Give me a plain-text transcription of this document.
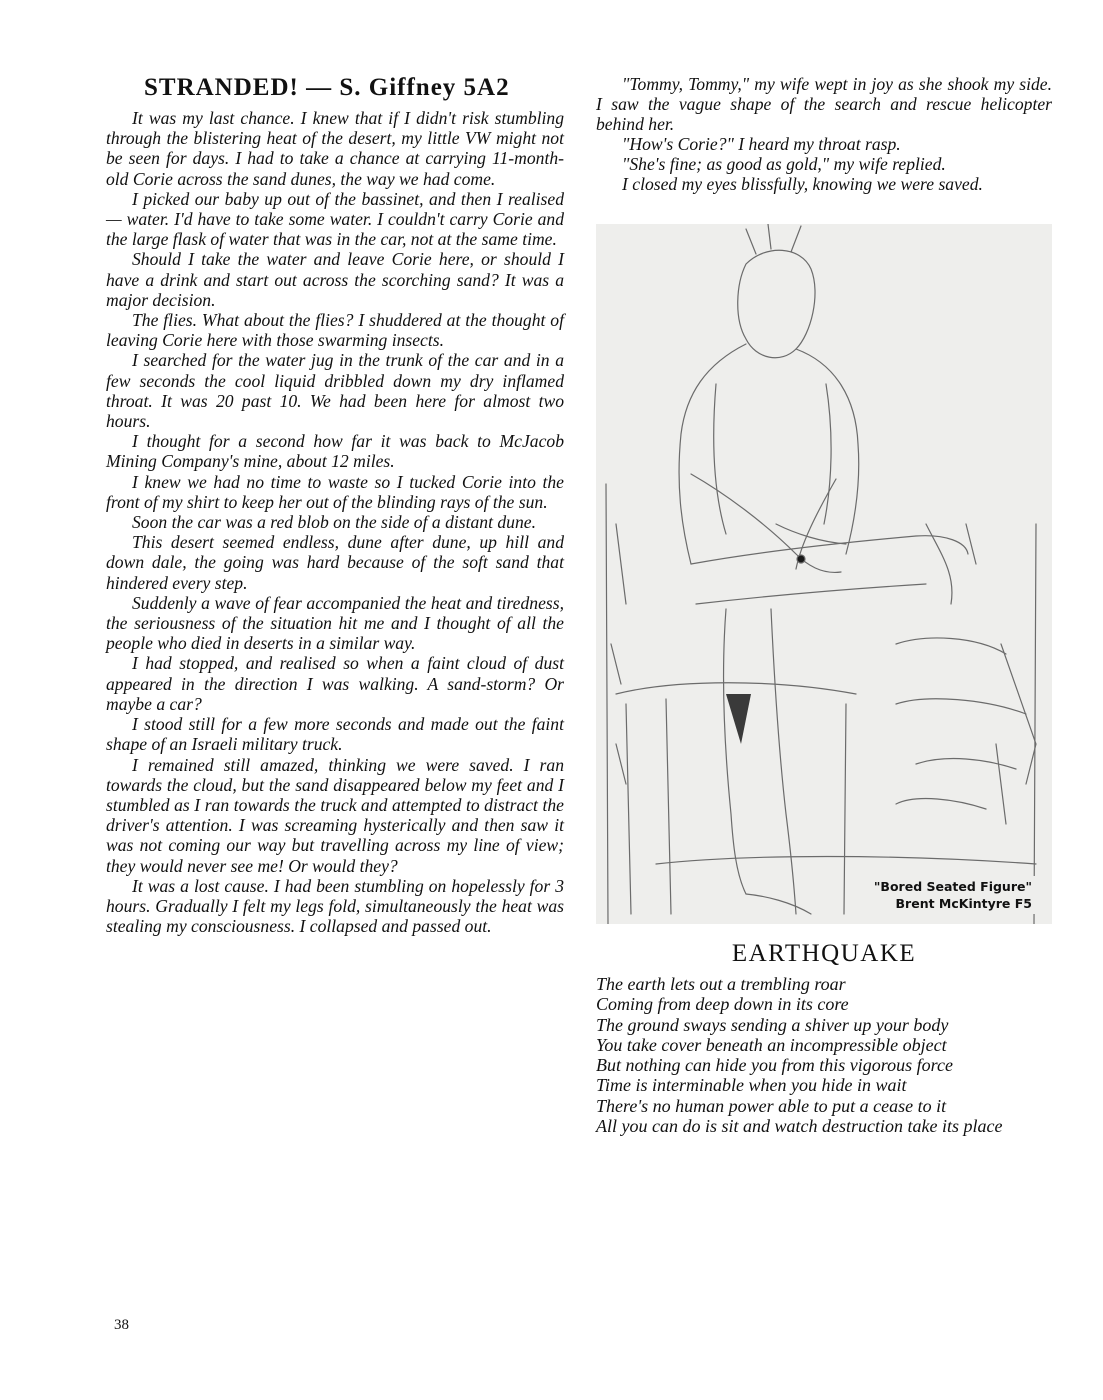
STRANDED! — S. Giffney 5A2

It was my last chance. I knew that if I didn't risk stumbling through the blistering heat of the desert, my little VW might not be seen for days. I had to take a chance at carrying 11-month-old Corie across the sand dunes, the way we had come.

I picked our baby up out of the bassinet, and then I realised — water. I'd have to take some water. I couldn't carry Corie and the large flask of water that was in the car, not at the same time.

Should I take the water and leave Corie here, or should I have a drink and start out across the scorching sand? It was a major decision.

The flies. What about the flies? I shuddered at the thought of leaving Corie here with those swarming insects.

I searched for the water jug in the trunk of the car and in a few seconds the cool liquid dribbled down my dry inflamed throat. It was 20 past 10. We had been here for almost two hours.

I thought for a second how far it was back to McJacob Mining Company's mine, about 12 miles.

I knew we had no time to waste so I tucked Corie into the front of my shirt to keep her out of the blinding rays of the sun.

Soon the car was a red blob on the side of a distant dune.

This desert seemed endless, dune after dune, up hill and down dale, the going was hard because of the soft sand that hindered every step.

Suddenly a wave of fear accompanied the heat and tiredness, the seriousness of the situation hit me and I thought of all the people who died in deserts in a similar way.

I had stopped, and realised so when a faint cloud of dust appeared in the direction I was walking. A sand-storm? Or maybe a car?

I stood still for a few more seconds and made out the faint shape of an Israeli military truck.

I remained still amazed, thinking we were saved. I ran towards the cloud, but the sand disappeared below my feet and I stumbled as I ran towards the truck and attempted to distract the driver's attention. I was screaming hysterically and then saw it was not coming our way but travelling across my line of view; they would never see me! Or would they?

It was a lost cause. I had been stumbling on hopelessly for 3 hours. Gradually I felt my legs fold, simultaneously the heat was stealing my consciousness. I collapsed and passed out.

"Tommy, Tommy," my wife wept in joy as she shook my side. I saw the vague shape of the search and rescue helicopter behind her.

"How's Corie?" I heard my throat rasp.

"She's fine; as good as gold," my wife replied.

I closed my eyes blissfully, knowing we were saved.

"Bored Seated Figure"
Brent McKintyre F5
EARTHQUAKE

The earth lets out a trembling roar

Coming from deep down in its core

The ground sways sending a shiver up your body

You take cover beneath an incompressible object

But nothing can hide you from this vigorous force

Time is interminable when you hide in wait

There's no human power able to put a cease to it

All you can do is sit and watch destruction take its place

38
